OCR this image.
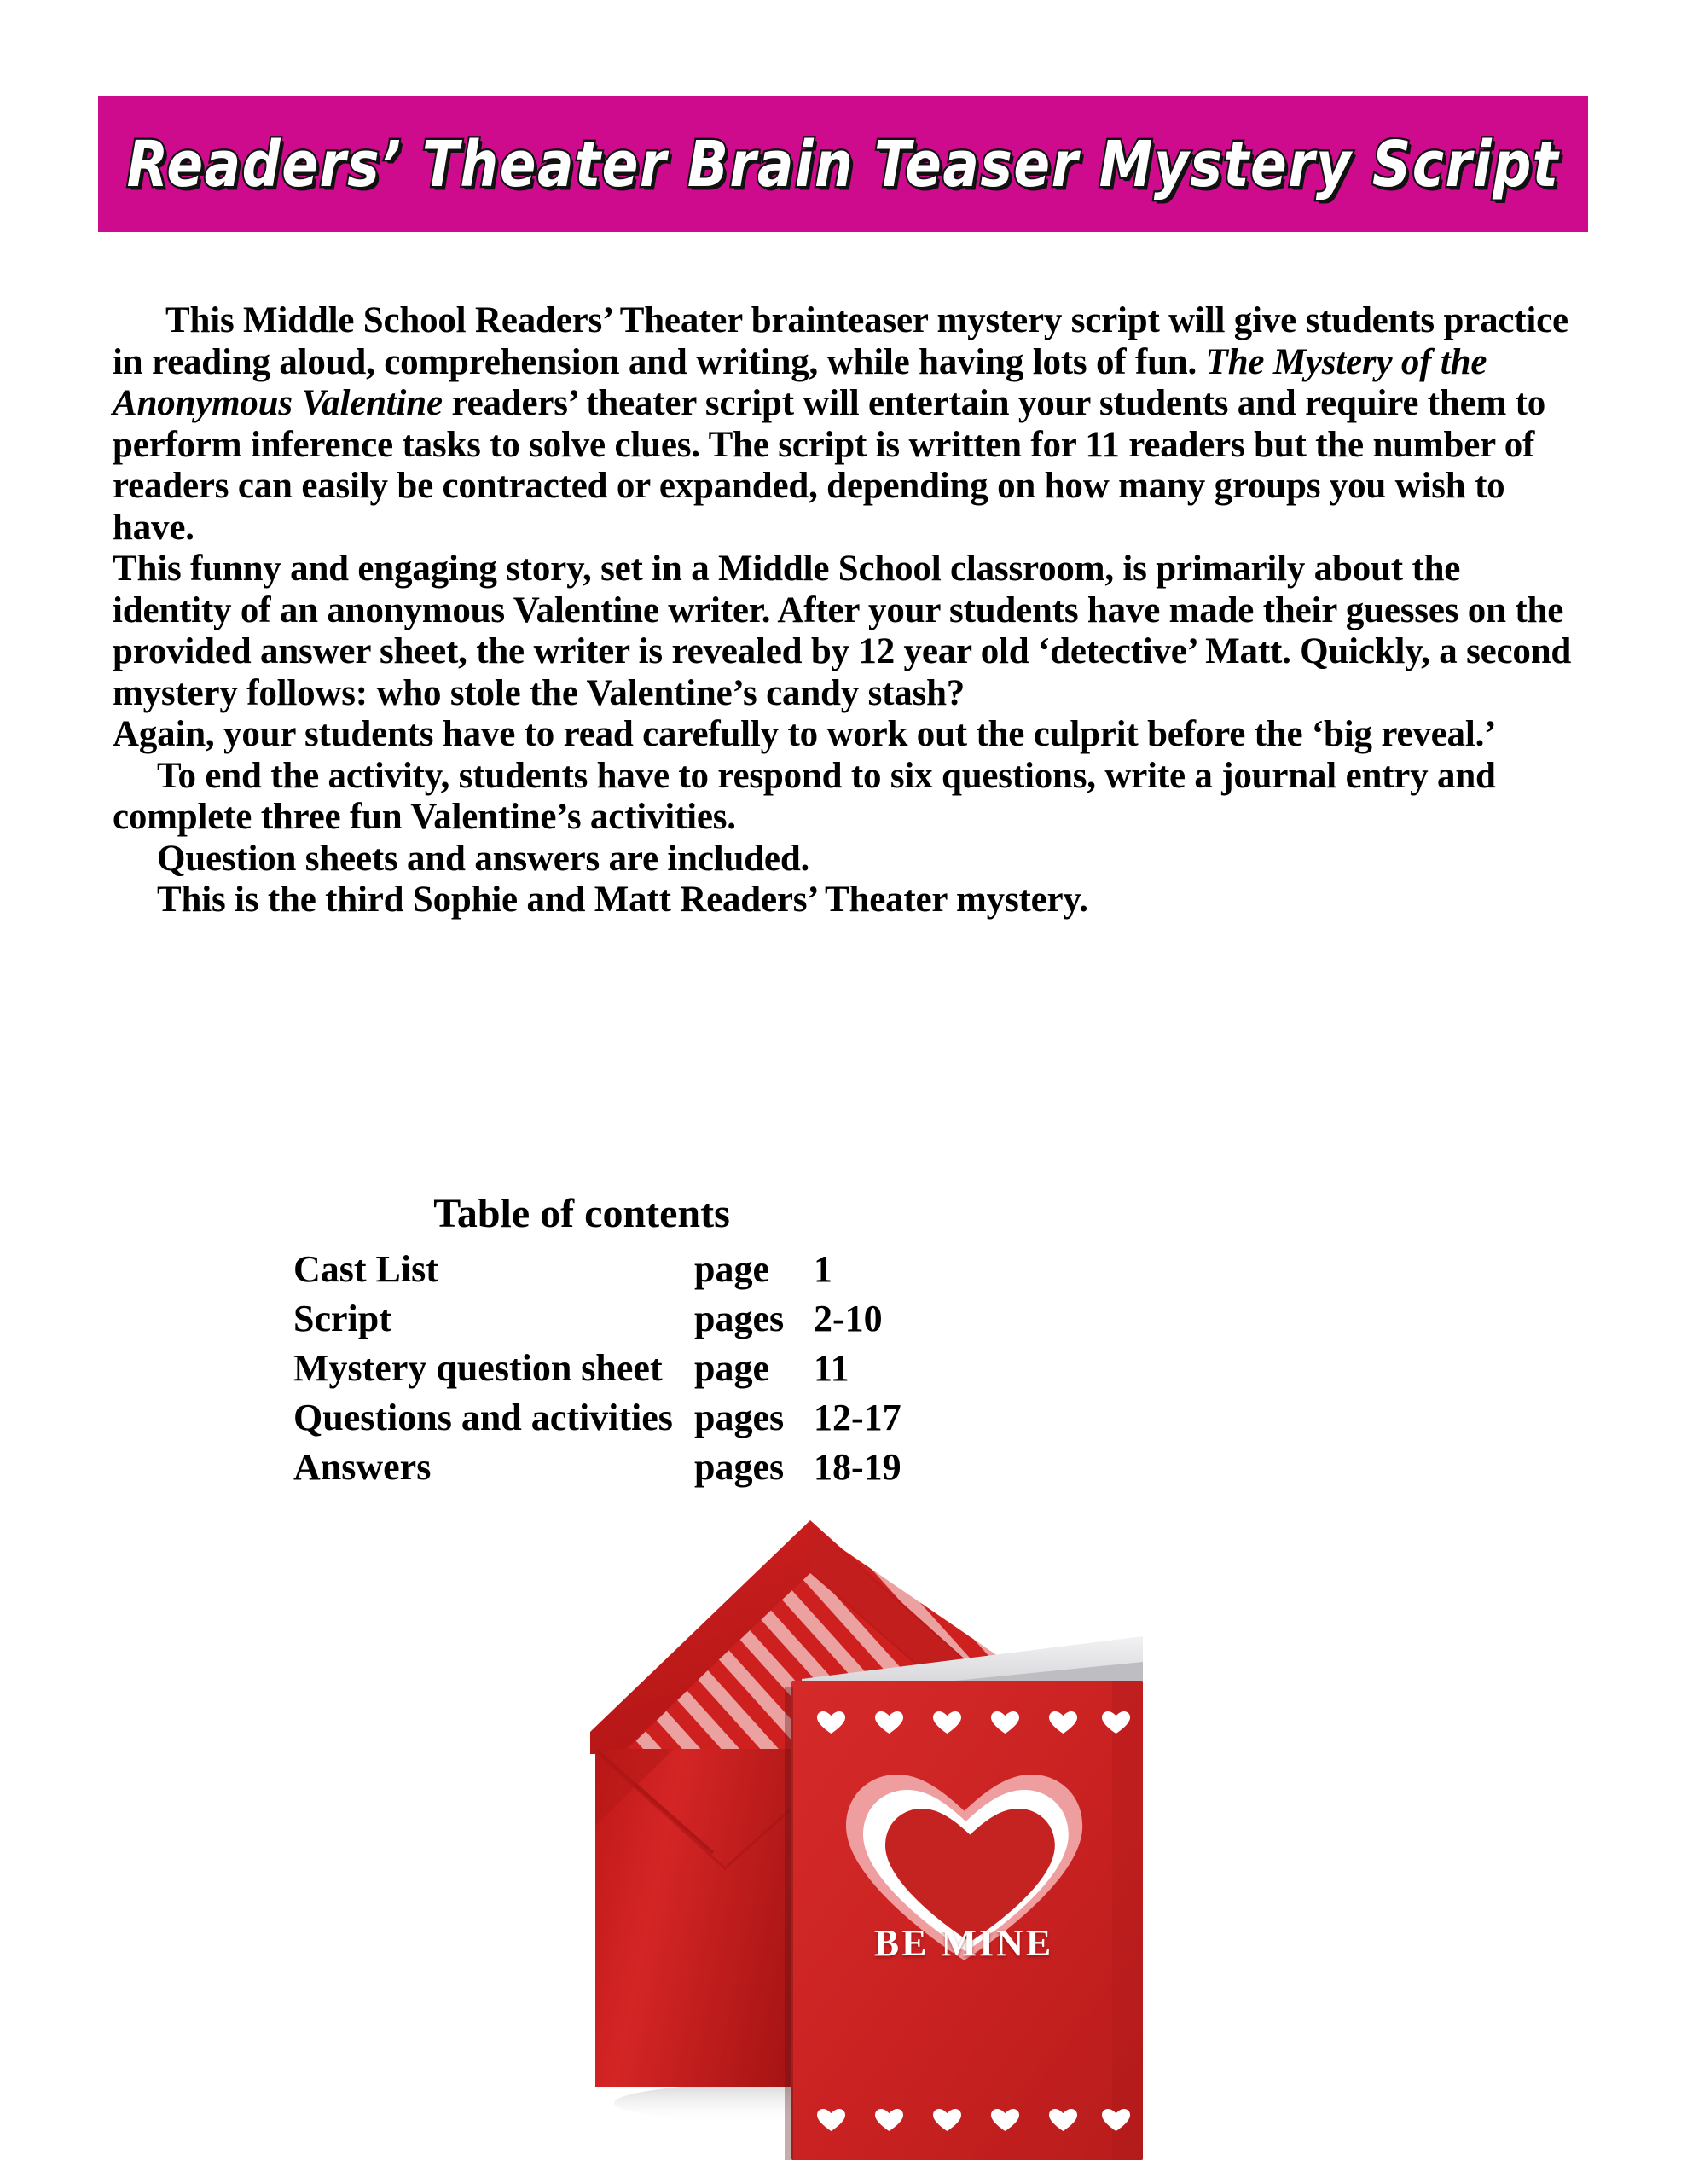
Readers’ Theater Brain Teaser Mystery Script

This Middle School Readers’ Theater brainteaser mystery script will give students practice in reading aloud, comprehension and writing, while having lots of fun. The Mystery of the Anonymous Valentine readers’ theater script will entertain your students and require them to perform inference tasks to solve clues. The script is written for 11 readers but the number of readers can easily be contracted or expanded, depending on how many groups you wish to have.

This funny and engaging story, set in a Middle School classroom, is primarily about the identity of an anonymous Valentine writer. After your students have made their guesses on the provided answer sheet, the writer is revealed by 12 year old ‘detective’ Matt. Quickly, a second mystery follows: who stole the Valentine’s candy stash?

Again, your students have to read carefully to work out the culprit before the ‘big reveal.’

To end the activity, students have to respond to six questions, write a journal entry and complete three fun Valentine’s activities.

Question sheets and answers are included.

This is the third Sophie and Matt Readers’ Theater mystery.

Table of contents
Cast List	page	1
Script	pages 2-10
Mystery question sheet page	11
Questions and activities pages 12-17
Answers	pages 18-19
BE MINE
